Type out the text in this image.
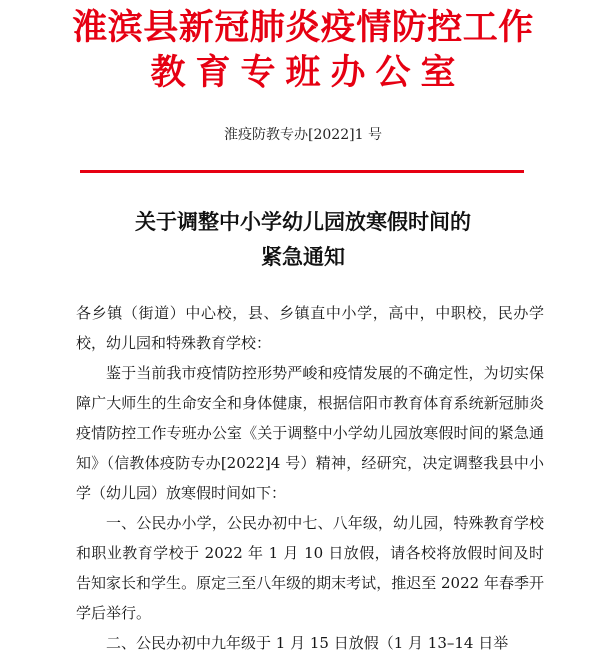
淮滨县新冠肺炎疫情防控工作
教育专班办公室
淮疫防教专办[2022]1 号
关于调整中小学幼儿园放寒假时间的
紧急通知

各乡镇（街道）中心校，县、乡镇直中小学，高中，中职校，民办学校，幼儿园和特殊教育学校：

鉴于当前我市疫情防控形势严峻和疫情发展的不确定性，为切实保障广大师生的生命安全和身体健康，根据信阳市教育体育系统新冠肺炎疫情防控工作专班办公室《关于调整中小学幼儿园放寒假时间的紧急通知》（信教体疫防专办[2022]4 号）精神，经研究，决定调整我县中小学（幼儿园）放寒假时间如下：

一、公民办小学，公民办初中七、八年级，幼儿园，特殊教育学校和职业教育学校于 2022 年 1 月 10 日放假，请各校将放假时间及时告知家长和学生。原定三至八年级的期末考试，推迟至 2022 年春季开学后举行。

二、公民办初中九年级于 1 月 15 日放假（1 月 13–14 日举
